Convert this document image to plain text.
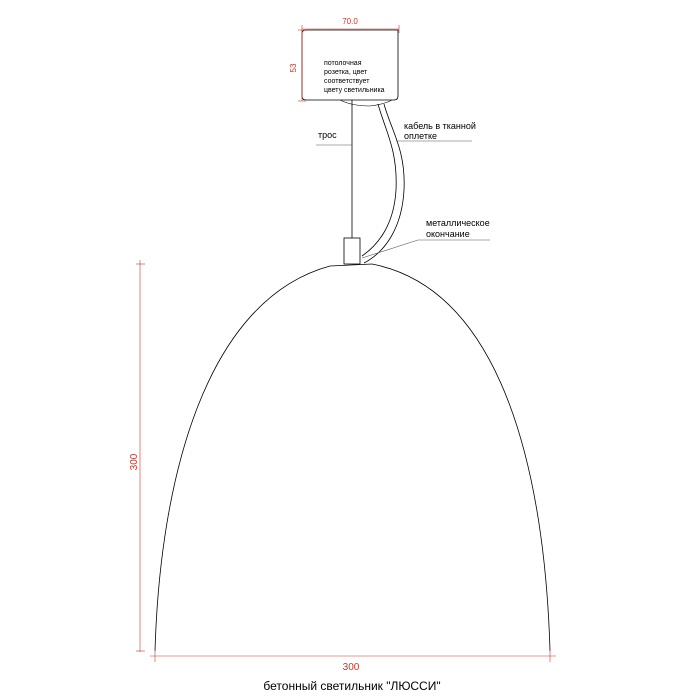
70.0
53
потолочная
розетка, цвет
соответствует
цвету светильника
трос
кабель в тканной
оплетке
металлическое
окончание
300
300
бетонный светильник "ЛЮССИ"
